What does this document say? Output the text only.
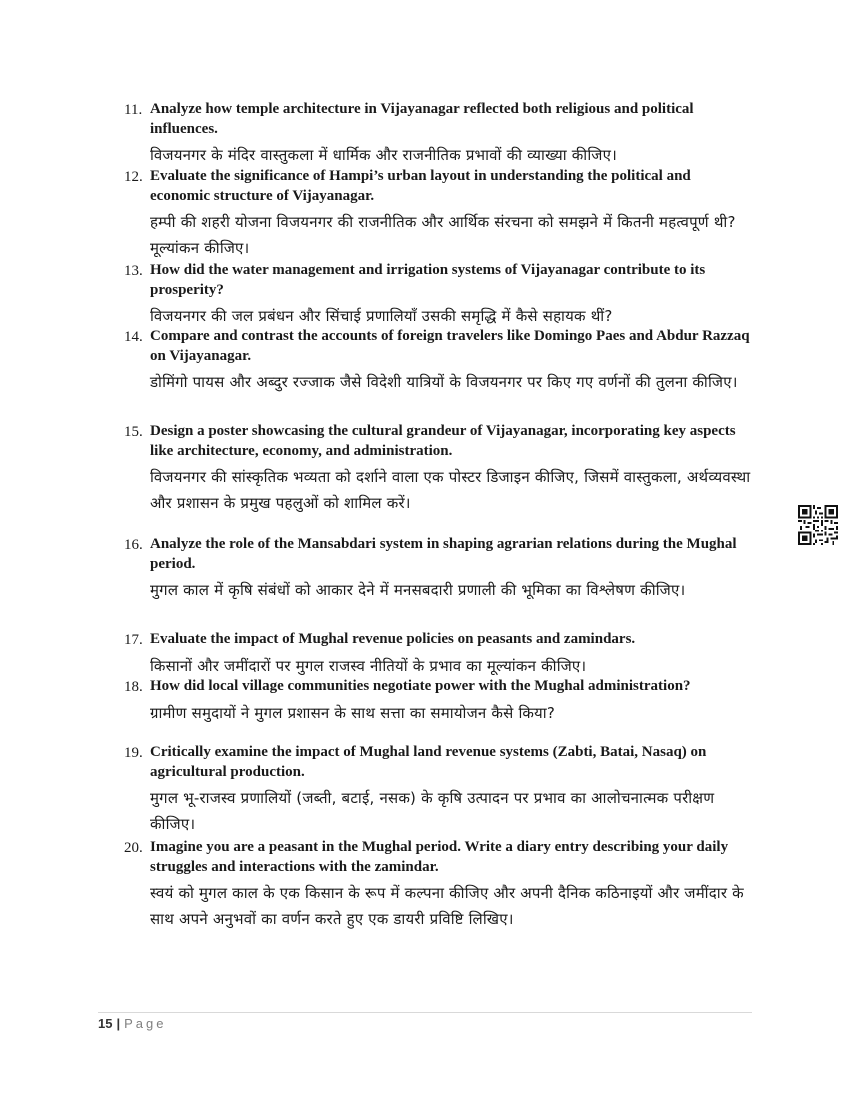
11. Analyze how temple architecture in Vijayanagar reflected both religious and political influences.
विजयनगर के मंदिर वास्तुकला में धार्मिक और राजनीतिक प्रभावों की व्याख्या कीजिए।
12. Evaluate the significance of Hampi’s urban layout in understanding the political and economic structure of Vijayanagar.
हम्पी की शहरी योजना विजयनगर की राजनीतिक और आर्थिक संरचना को समझने में कितनी महत्वपूर्ण थी? मूल्यांकन कीजिए।
13. How did the water management and irrigation systems of Vijayanagar contribute to its prosperity?
विजयनगर की जल प्रबंधन और सिंचाई प्रणालियाँ उसकी समृद्धि में कैसे सहायक थीं?
14. Compare and contrast the accounts of foreign travelers like Domingo Paes and Abdur Razzaq on Vijayanagar.
डोमिंगो पायस और अब्दुर रज्जाक जैसे विदेशी यात्रियों के विजयनगर पर किए गए वर्णनों की तुलना कीजिए।
15. Design a poster showcasing the cultural grandeur of Vijayanagar, incorporating key aspects like architecture, economy, and administration.
विजयनगर की सांस्कृतिक भव्यता को दर्शाने वाला एक पोस्टर डिजाइन कीजिए, जिसमें वास्तुकला, अर्थव्यवस्था और प्रशासन के प्रमुख पहलुओं को शामिल करें।
16. Analyze the role of the Mansabdari system in shaping agrarian relations during the Mughal period.
मुगल काल में कृषि संबंधों को आकार देने में मनसबदारी प्रणाली की भूमिका का विश्लेषण कीजिए।
17. Evaluate the impact of Mughal revenue policies on peasants and zamindars.
किसानों और जमींदारों पर मुगल राजस्व नीतियों के प्रभाव का मूल्यांकन कीजिए।
18. How did local village communities negotiate power with the Mughal administration?
ग्रामीण समुदायों ने मुगल प्रशासन के साथ सत्ता का समायोजन कैसे किया?
19. Critically examine the impact of Mughal land revenue systems (Zabti, Batai, Nasaq) on agricultural production.
मुगल भू-राजस्व प्रणालियों (जब्ती, बटाई, नसक) के कृषि उत्पादन पर प्रभाव का आलोचनात्मक परीक्षण कीजिए।
20. Imagine you are a peasant in the Mughal period. Write a diary entry describing your daily struggles and interactions with the zamindar.
स्वयं को मुगल काल के एक किसान के रूप में कल्पना कीजिए और अपनी दैनिक कठिनाइयों और जमींदार के साथ अपने अनुभवों का वर्णन करते हुए एक डायरी प्रविष्टि लिखिए।
15 | Page
